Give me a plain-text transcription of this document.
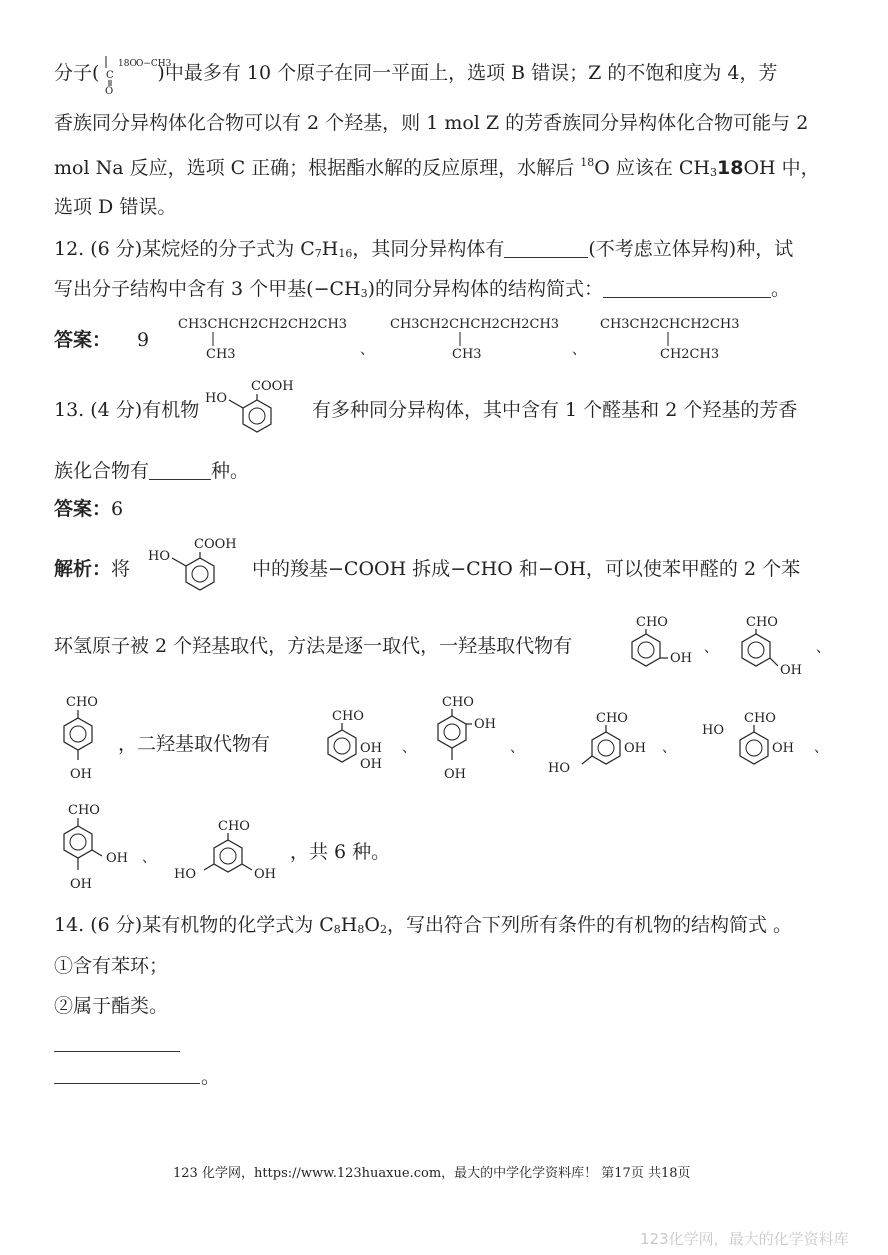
分子(	)中最多有 10 个原子在同一平面上，选项 B 错误；Z 的不饱和度为 4，芳
18O O−CH3
C
O
香族同分异构体化合物可以有 2 个羟基，则 1 mol Z 的芳香族同分异构体化合物可能与 2
mol Na 反应，选项 C 正确；根据酯水解的反应原理，水解后 $^{18}$O 应该在 CH318OH 中，
选项 D 错误。
12. (6 分)某烷烃的分子式为 C7H16，其同分异构体有	(不考虑立体异构)种，试
写出分子结构中含有 3 个甲基(−CH3)的同分异构体的结构简式：	。
答案： 9
CH3CHCH2CH2CH2CH3
CH3	、
CH3CH2CHCH2CH2CH3
CH3	、
CH3CH2CHCH2CH3
CH2CH3
13. (4 分)有机物
HO
COOH
有多种同分异构体，其中含有 1 个醛基和 2 个羟基的芳香
族化合物有	种。
答案：6
解析：将
HO
COOH
中的羧基−COOH 拆成−CHO 和−OH，可以使苯甲醛的 2 个苯
环氢原子被 2 个羟基取代，方法是逐一取代，一羟基取代物有
CHO
OH
、
CHO
OH
、
CHO
OH
，二羟基取代物有
CHO
OH
OH
、
CHO
OH
OH
、
CHO
OH
HO
、
HO
CHO
OH 、
CHO
OH
OH
、
CHO
HO	OH
，共 6 种。
14. (6 分)某有机物的化学式为 C8H8O2，写出符合下列所有条件的有机物的结构简式 。
①含有苯环；
②属于酯类。
。
123 化学网，https://www.123huaxue.com，最大的中学化学资料库！ 第17页 共18页
123化学网，最大的化学资料库
